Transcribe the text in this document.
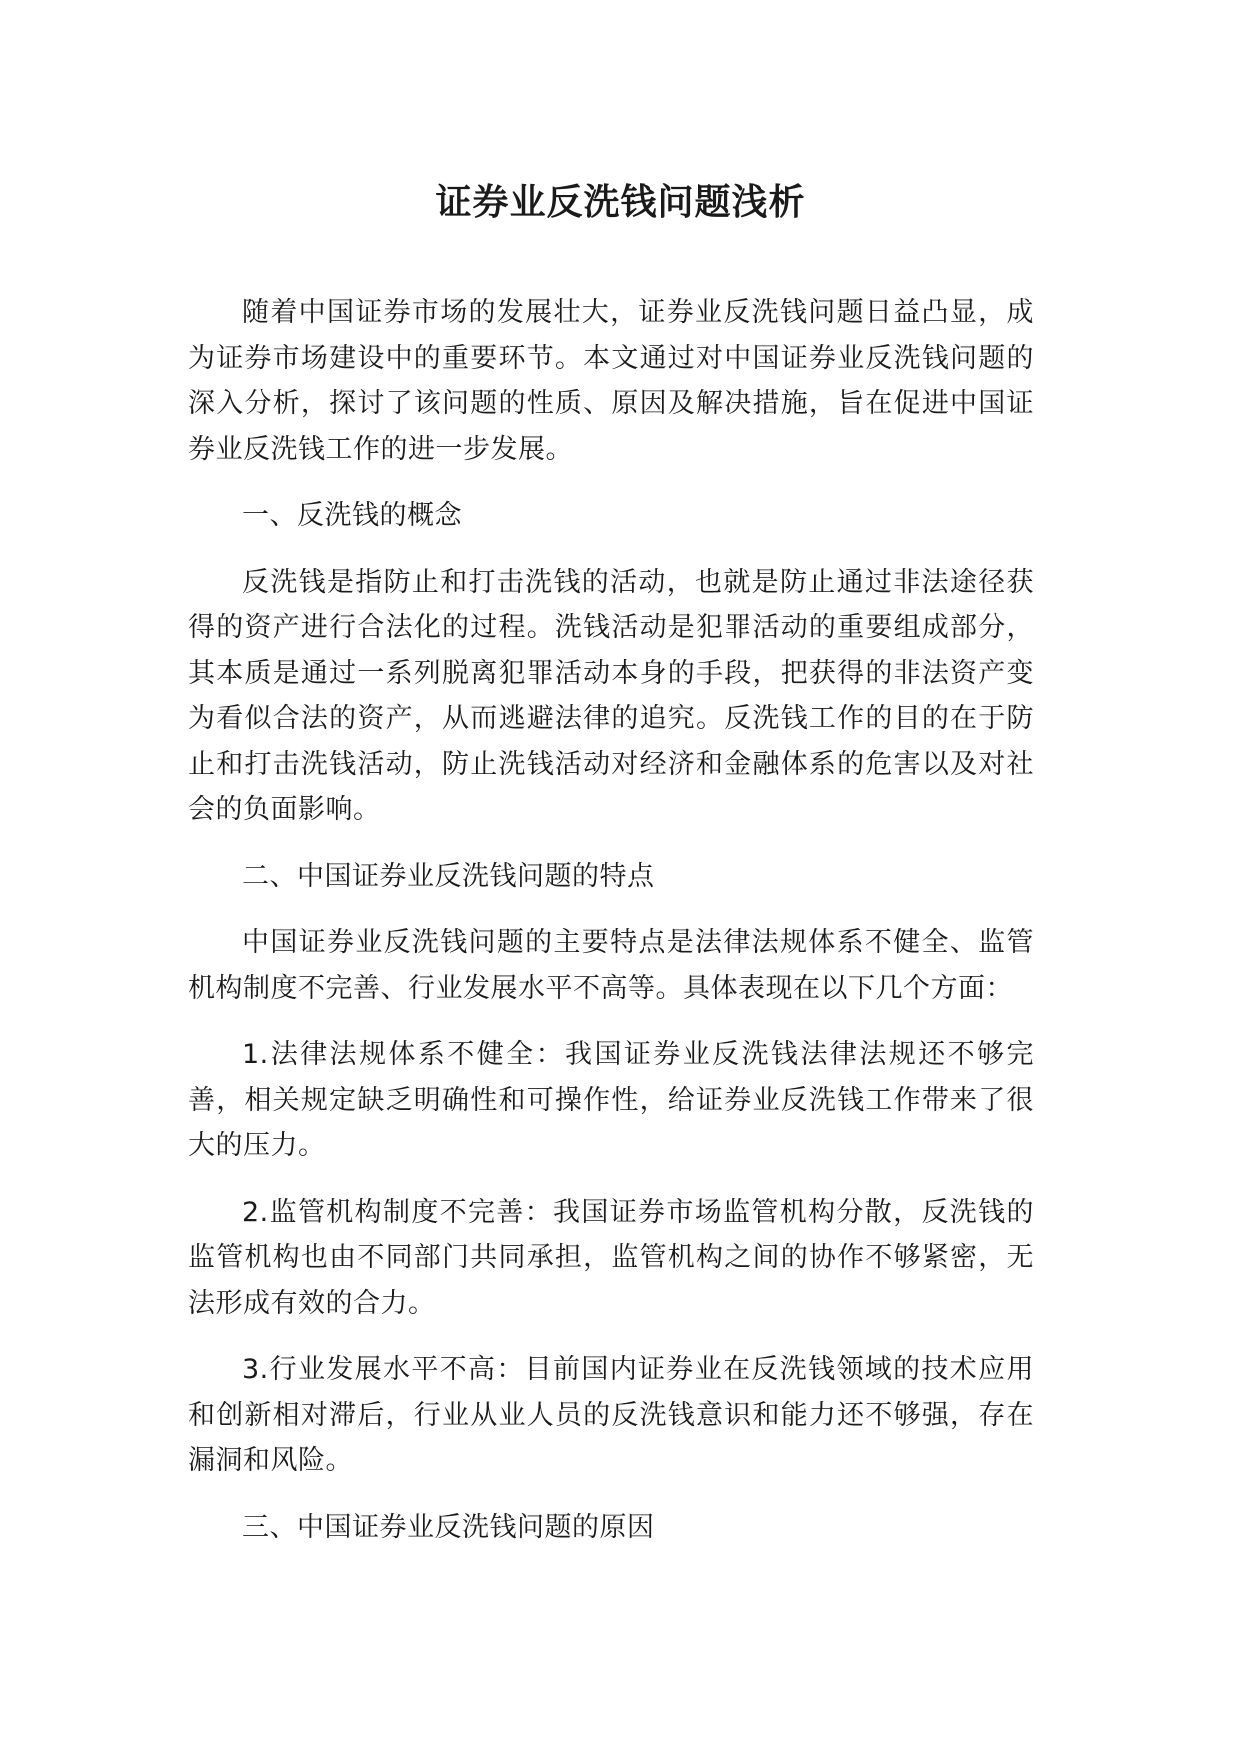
证券业反洗钱问题浅析

随着中国证券市场的发展壮大，证券业反洗钱问题日益凸显，成为证券市场建设中的重要环节。本文通过对中国证券业反洗钱问题的深入分析，探讨了该问题的性质、原因及解决措施，旨在促进中国证券业反洗钱工作的进一步发展。

一、反洗钱的概念

反洗钱是指防止和打击洗钱的活动，也就是防止通过非法途径获得的资产进行合法化的过程。洗钱活动是犯罪活动的重要组成部分，其本质是通过一系列脱离犯罪活动本身的手段，把获得的非法资产变为看似合法的资产，从而逃避法律的追究。反洗钱工作的目的在于防止和打击洗钱活动，防止洗钱活动对经济和金融体系的危害以及对社会的负面影响。

二、中国证券业反洗钱问题的特点

中国证券业反洗钱问题的主要特点是法律法规体系不健全、监管机构制度不完善、行业发展水平不高等。具体表现在以下几个方面：

1.法律法规体系不健全：我国证券业反洗钱法律法规还不够完善，相关规定缺乏明确性和可操作性，给证券业反洗钱工作带来了很大的压力。

2.监管机构制度不完善：我国证券市场监管机构分散，反洗钱的监管机构也由不同部门共同承担，监管机构之间的协作不够紧密，无法形成有效的合力。

3.行业发展水平不高：目前国内证券业在反洗钱领域的技术应用和创新相对滞后，行业从业人员的反洗钱意识和能力还不够强，存在漏洞和风险。

三、中国证券业反洗钱问题的原因
